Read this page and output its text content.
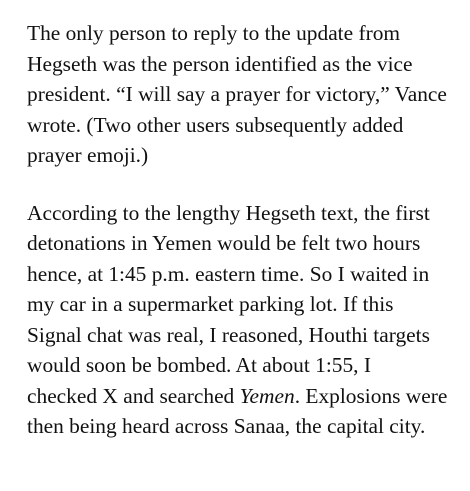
The only person to reply to the update from
Hegseth was the person identified as the vice
president. “I will say a prayer for victory,” Vance
wrote. (Two other users subsequently added
prayer emoji.)

According to the lengthy Hegseth text, the first
detonations in Yemen would be felt two hours
hence, at 1:45 p.m. eastern time. So I waited in
my car in a supermarket parking lot. If this
Signal chat was real, I reasoned, Houthi targets
would soon be bombed. At about 1:55, I
checked X and searched Yemen. Explosions were
then being heard across Sanaa, the capital city.
